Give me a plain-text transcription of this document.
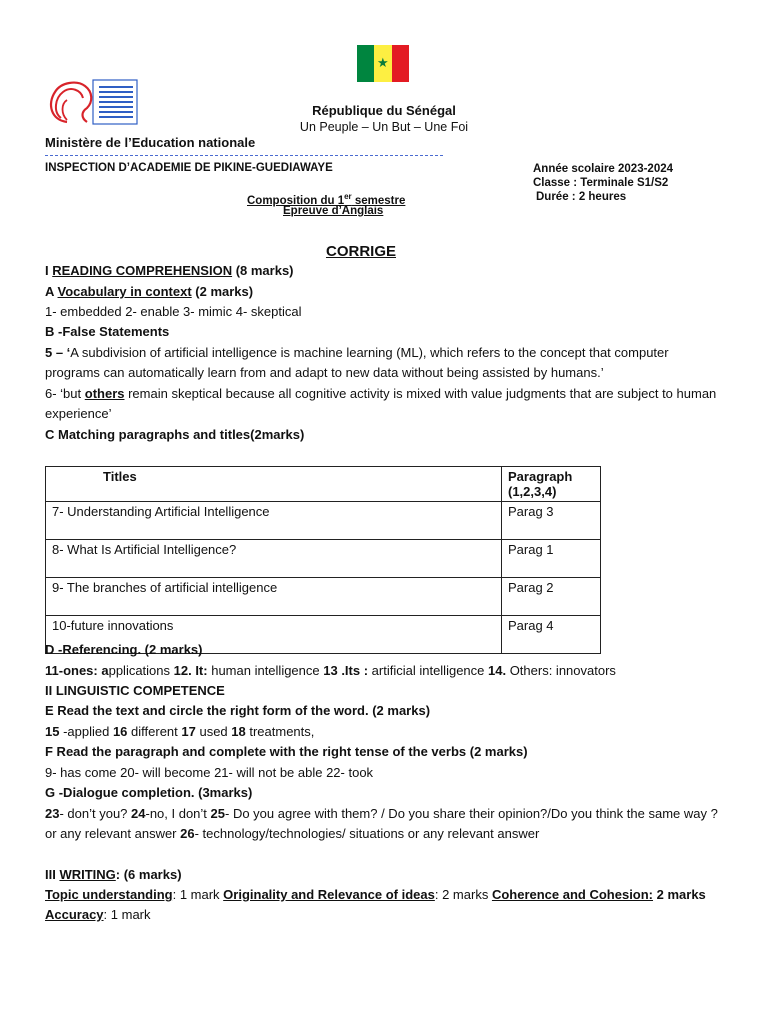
★
République du Sénégal
Un Peuple – Un But – Une Foi
Ministère de l’Education nationale
INSPECTION D’ACADEMIE DE PIKINE-GUEDIAWAYE	Année scolaire 2023-2024
Classe : Terminale S1/S2
Durée : 2 heures
Composition du 1er semestre
Epreuve d’Anglais
CORRIGE
I READING COMPREHENSION (8 marks)
A Vocabulary in context (2 marks)
1- embedded 2- enable 3- mimic 4- skeptical
B -False Statements
5 – ‘A subdivision of artificial intelligence is machine learning (ML), which refers to the concept that computer programs can automatically learn from and adapt to new data without being assisted by humans.’
6- ‘but others remain skeptical because all cognitive activity is mixed with value judgments that are subject to human experience’
C Matching paragraphs and titles(2marks)
Titles	Paragraph (1,2,3,4)
7- Understanding Artificial Intelligence	Parag 3
8- What Is Artificial Intelligence?	Parag 1
9- The branches of artificial intelligence	Parag 2
10-future innovations	Parag 4
D -Referencing. (2 marks)
11-ones: applications 12. It: human intelligence 13 .Its : artificial intelligence 14. Others: innovators
II LINGUISTIC COMPETENCE
E Read the text and circle the right form of the word. (2 marks)
15 -applied 16 different 17 used 18 treatments,
F Read the paragraph and complete with the right tense of the verbs (2 marks)
9- has come 20- will become 21- will not be able 22- took
G -Dialogue completion. (3marks)
23- don’t you? 24-no, I don’t 25- Do you agree with them? / Do you share their opinion?/Do you think the same way ? or any relevant answer 26- technology/technologies/ situations or any relevant answer
III WRITING: (6 marks)
Topic understanding: 1 mark Originality and Relevance of ideas: 2 marks Coherence and Cohesion: 2 marks Accuracy: 1 mark
